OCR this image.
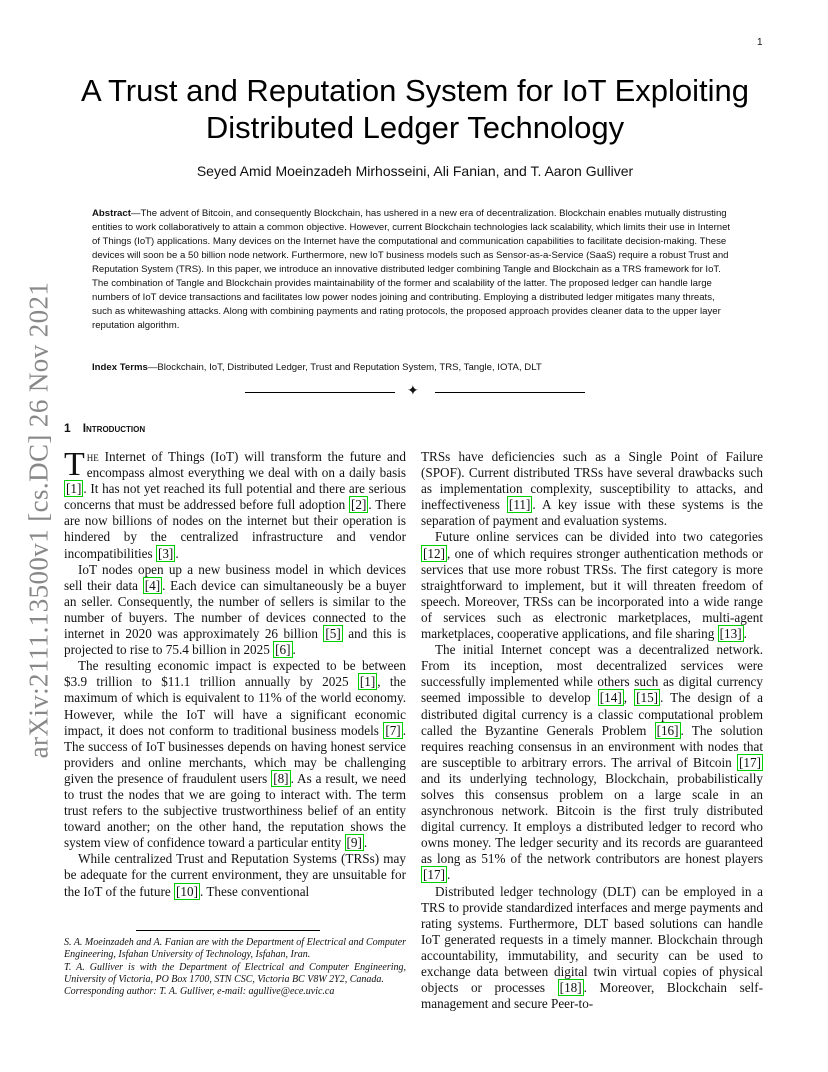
1
arXiv:2111.13500v1 [cs.DC] 26 Nov 2021
A Trust and Reputation System for IoT Exploiting Distributed Ledger Technology
Seyed Amid Moeinzadeh Mirhosseini, Ali Fanian, and T. Aaron Gulliver
Abstract—The advent of Bitcoin, and consequently Blockchain, has ushered in a new era of decentralization. Blockchain enables mutually distrusting entities to work collaboratively to attain a common objective. However, current Blockchain technologies lack scalability, which limits their use in Internet of Things (IoT) applications. Many devices on the Internet have the computational and communication capabilities to facilitate decision-making. These devices will soon be a 50 billion node network. Furthermore, new IoT business models such as Sensor-as-a-Service (SaaS) require a robust Trust and Reputation System (TRS). In this paper, we introduce an innovative distributed ledger combining Tangle and Blockchain as a TRS framework for IoT. The combination of Tangle and Blockchain provides maintainability of the former and scalability of the latter. The proposed ledger can handle large numbers of IoT device transactions and facilitates low power nodes joining and contributing. Employing a distributed ledger mitigates many threats, such as whitewashing attacks. Along with combining payments and rating protocols, the proposed approach provides cleaner data to the upper layer reputation algorithm.
Index Terms—Blockchain, IoT, Distributed Ledger, Trust and Reputation System, TRS, Tangle, IOTA, DLT
✦
1 Introduction

The Internet of Things (IoT) will transform the future and encompass almost everything we deal with on a daily basis [1] . It has not yet reached its full potential and there are serious concerns that must be addressed before full adoption [2] . There are now billions of nodes on the internet but their operation is hindered by the centralized infrastructure and vendor incompatibilities [3] .

IoT nodes open up a new business model in which devices sell their data [4] . Each device can simultaneously be a buyer an seller. Consequently, the number of sellers is similar to the number of buyers. The number of devices connected to the internet in 2020 was approximately 26 billion [5] and this is projected to rise to 75.4 billion in 2025 [6] .

The resulting economic impact is expected to be between $3.9 trillion to $11.1 trillion annually by 2025 [1] , the maximum of which is equivalent to 11% of the world economy. However, while the IoT will have a significant economic impact, it does not conform to traditional business models [7] . The success of IoT businesses depends on having honest service providers and online merchants, which may be challenging given the presence of fraudulent users [8] . As a result, we need to trust the nodes that we are going to interact with. The term trust refers to the subjective trustworthiness belief of an entity toward another; on the other hand, the reputation shows the system view of confidence toward a particular entity [9] .

While centralized Trust and Reputation Systems (TRSs) may be adequate for the current environment, they are unsuitable for the IoT of the future [10] . These conventional

TRSs have deficiencies such as a Single Point of Failure (SPOF). Current distributed TRSs have several drawbacks such as implementation complexity, susceptibility to attacks, and ineffectiveness [11] . A key issue with these systems is the separation of payment and evaluation systems.

Future online services can be divided into two categories [12] , one of which requires stronger authentication methods or services that use more robust TRSs. The first category is more straightforward to implement, but it will threaten freedom of speech. Moreover, TRSs can be incorporated into a wide range of services such as electronic marketplaces, multi-agent marketplaces, cooperative applications, and file sharing [13] .

The initial Internet concept was a decentralized network. From its inception, most decentralized services were successfully implemented while others such as digital currency seemed impossible to develop [14] , [15] . The design of a distributed digital currency is a classic computational problem called the Byzantine Generals Problem [16] . The solution requires reaching consensus in an environment with nodes that are susceptible to arbitrary errors. The arrival of Bitcoin [17] and its underlying technology, Blockchain, probabilistically solves this consensus problem on a large scale in an asynchronous network. Bitcoin is the first truly distributed digital currency. It employs a distributed ledger to record who owns money. The ledger security and its records are guaranteed as long as 51% of the network contributors are honest players [17] .

Distributed ledger technology (DLT) can be employed in a TRS to provide standardized interfaces and merge payments and rating systems. Furthermore, DLT based solutions can handle IoT generated requests in a timely manner. Blockchain through accountability, immutability, and security can be used to exchange data between digital twin virtual copies of physical objects or processes [18] . Moreover, Blockchain self-management and secure Peer-to-

S. A. Moeinzadeh and A. Fanian are with the Department of Electrical and Computer Engineering, Isfahan University of Technology, Isfahan, Iran.

T. A. Gulliver is with the Department of Electrical and Computer Engineering, University of Victoria, PO Box 1700, STN CSC, Victoria BC V8W 2Y2, Canada.

Corresponding author: T. A. Gulliver, e-mail: agullive@ece.uvic.ca
